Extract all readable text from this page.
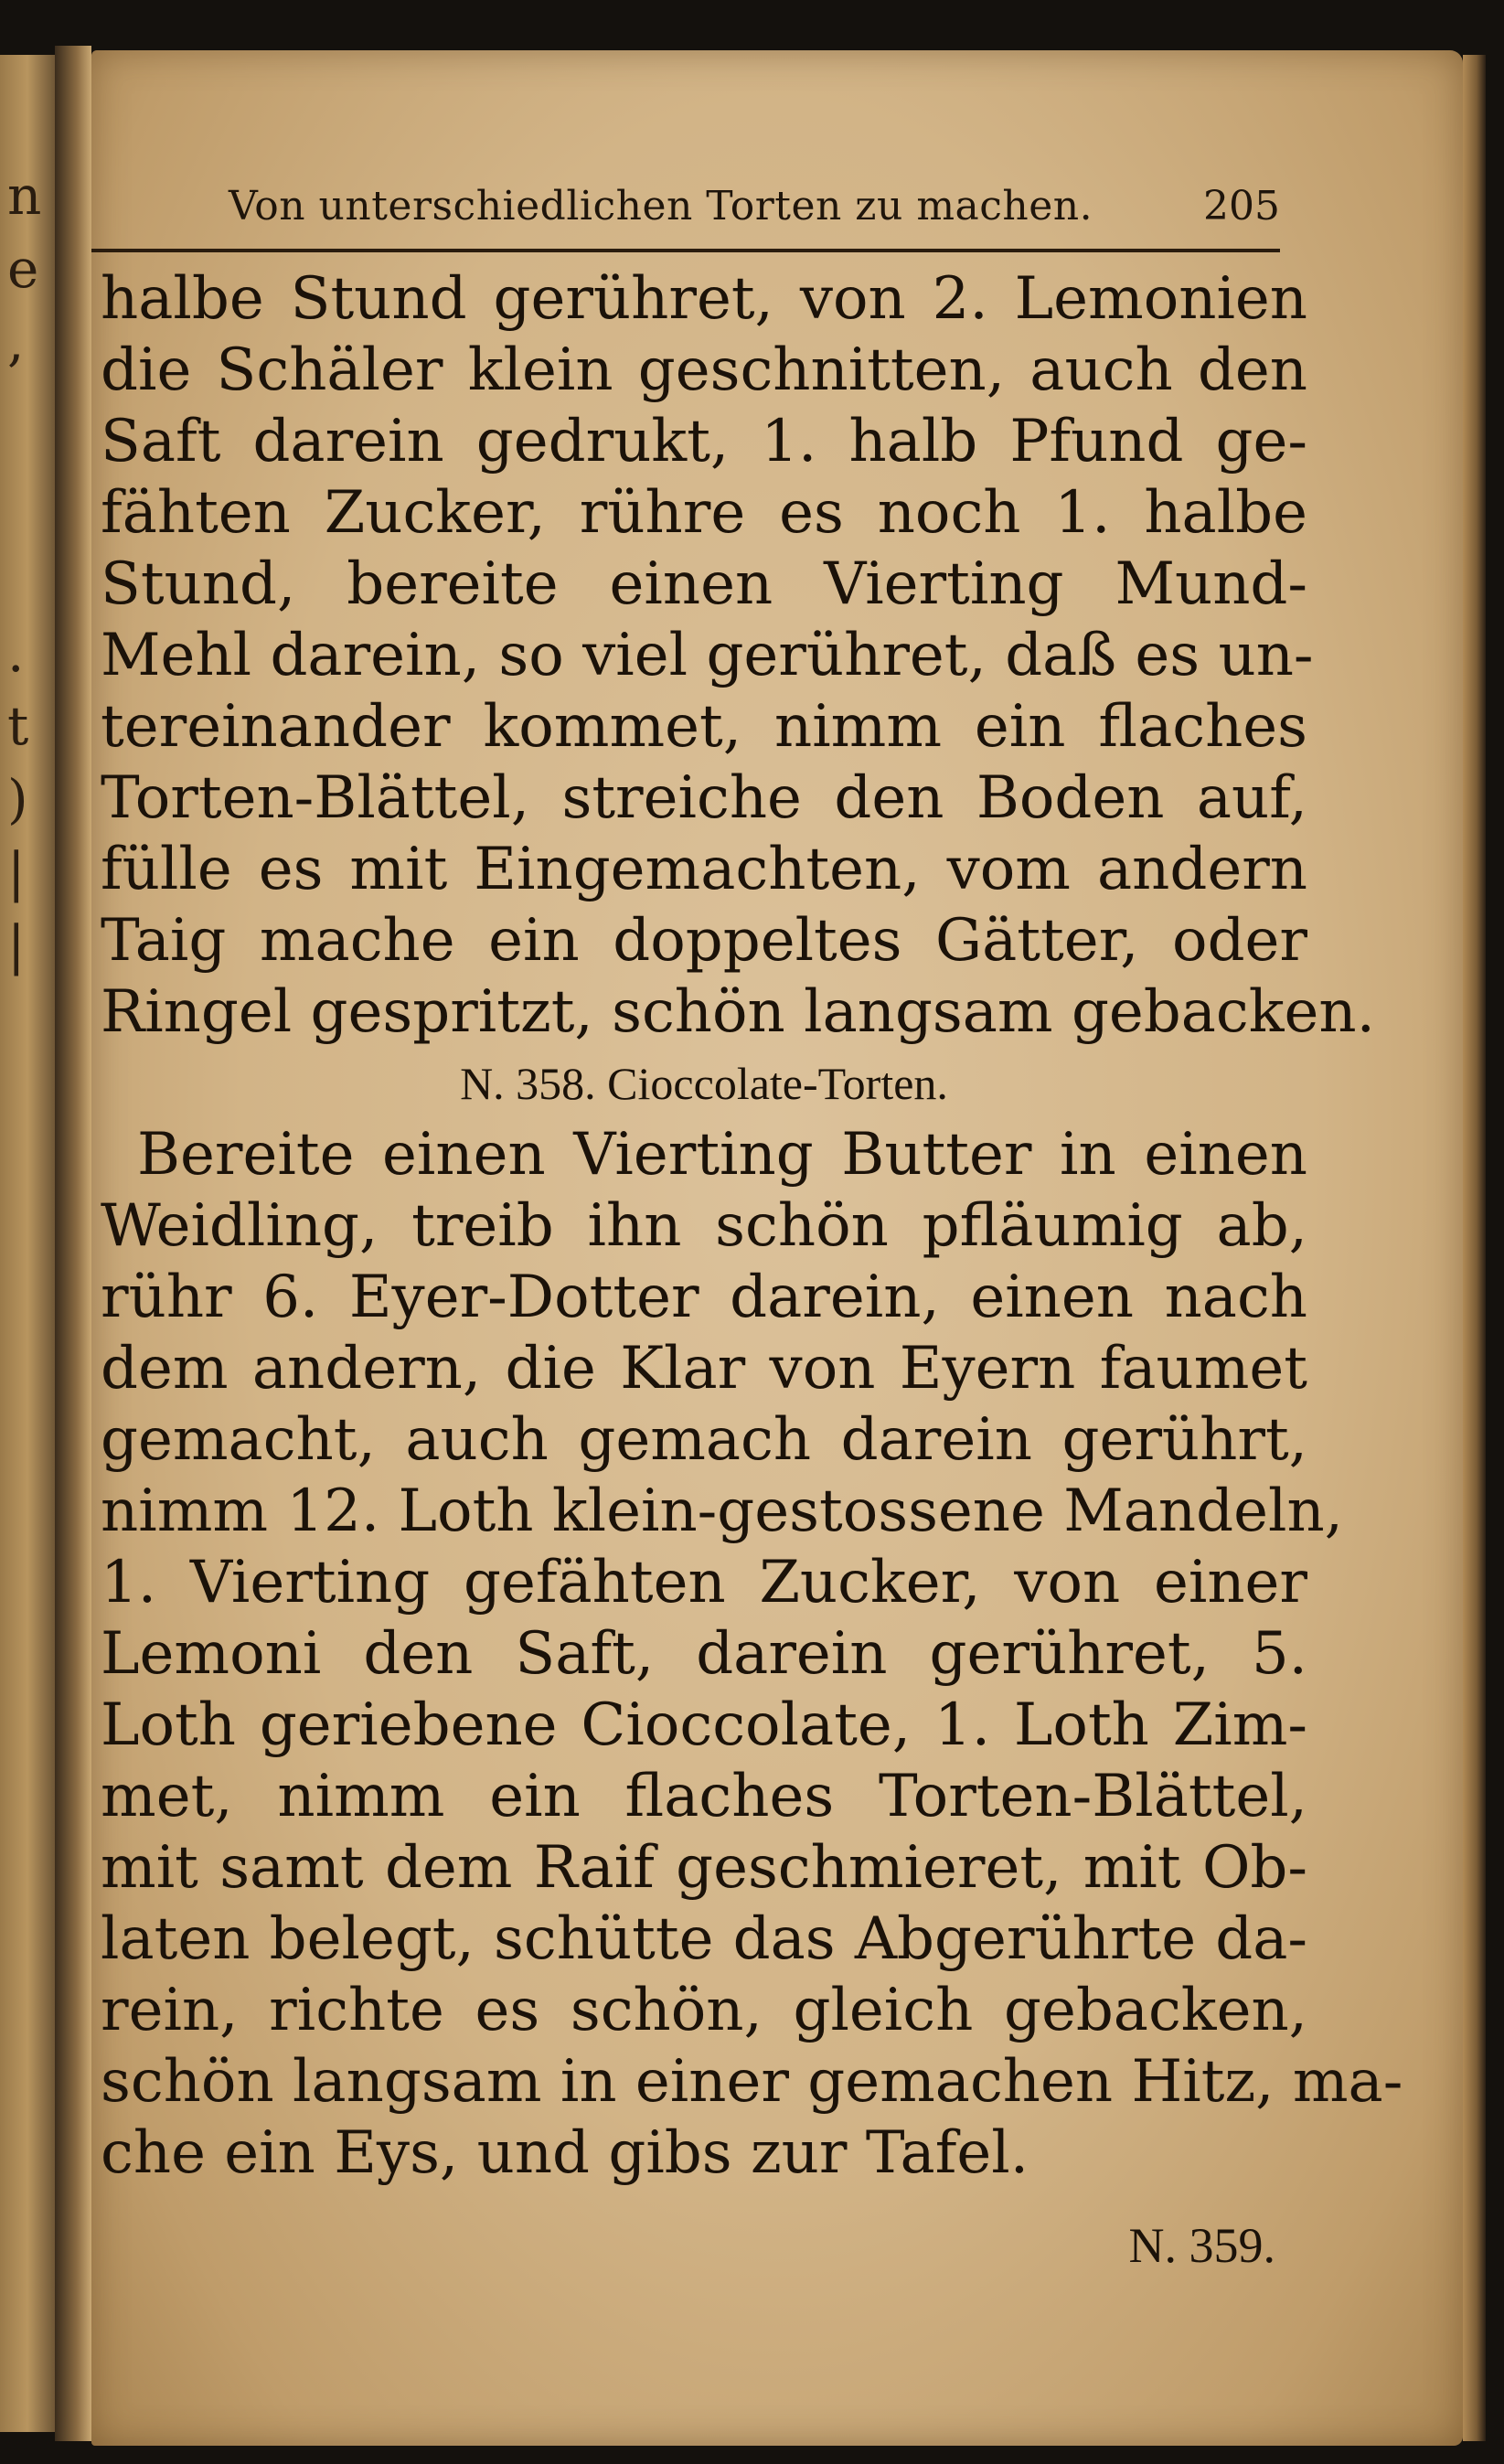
n
e
,
.
t
)
|
|
Von unterschiedlichen Torten zu machen.	205
halbe Stund gerühret, von 2. Lemonien
die Schäler klein geschnitten, auch den
Saft darein gedrukt, 1. halb Pfund ge-
fähten Zucker, rühre es noch 1. halbe
Stund, bereite einen Vierting Mund-
Mehl darein, so viel gerühret, daß es un-
tereinander kommet, nimm ein flaches
Torten-Blättel, streiche den Boden auf,
fülle es mit Eingemachten, vom andern
Taig mache ein doppeltes Gätter, oder
Ringel gespritzt, schön langsam gebacken.
N. 358. Cioccolate-Torten.
Bereite einen Vierting Butter in einen
Weidling, treib ihn schön pfläumig ab,
rühr 6. Eyer-Dotter darein, einen nach
dem andern, die Klar von Eyern faumet
gemacht, auch gemach darein gerührt,
nimm 12. Loth klein-gestossene Mandeln,
1. Vierting gefähten Zucker, von einer
Lemoni den Saft, darein gerühret, 5.
Loth geriebene Cioccolate, 1. Loth Zim-
met, nimm ein flaches Torten-Blättel,
mit samt dem Raif geschmieret, mit Ob-
laten belegt, schütte das Abgerührte da-
rein, richte es schön, gleich gebacken,
schön langsam in einer gemachen Hitz, ma-
che ein Eys, und gibs zur Tafel.
N. 359.
